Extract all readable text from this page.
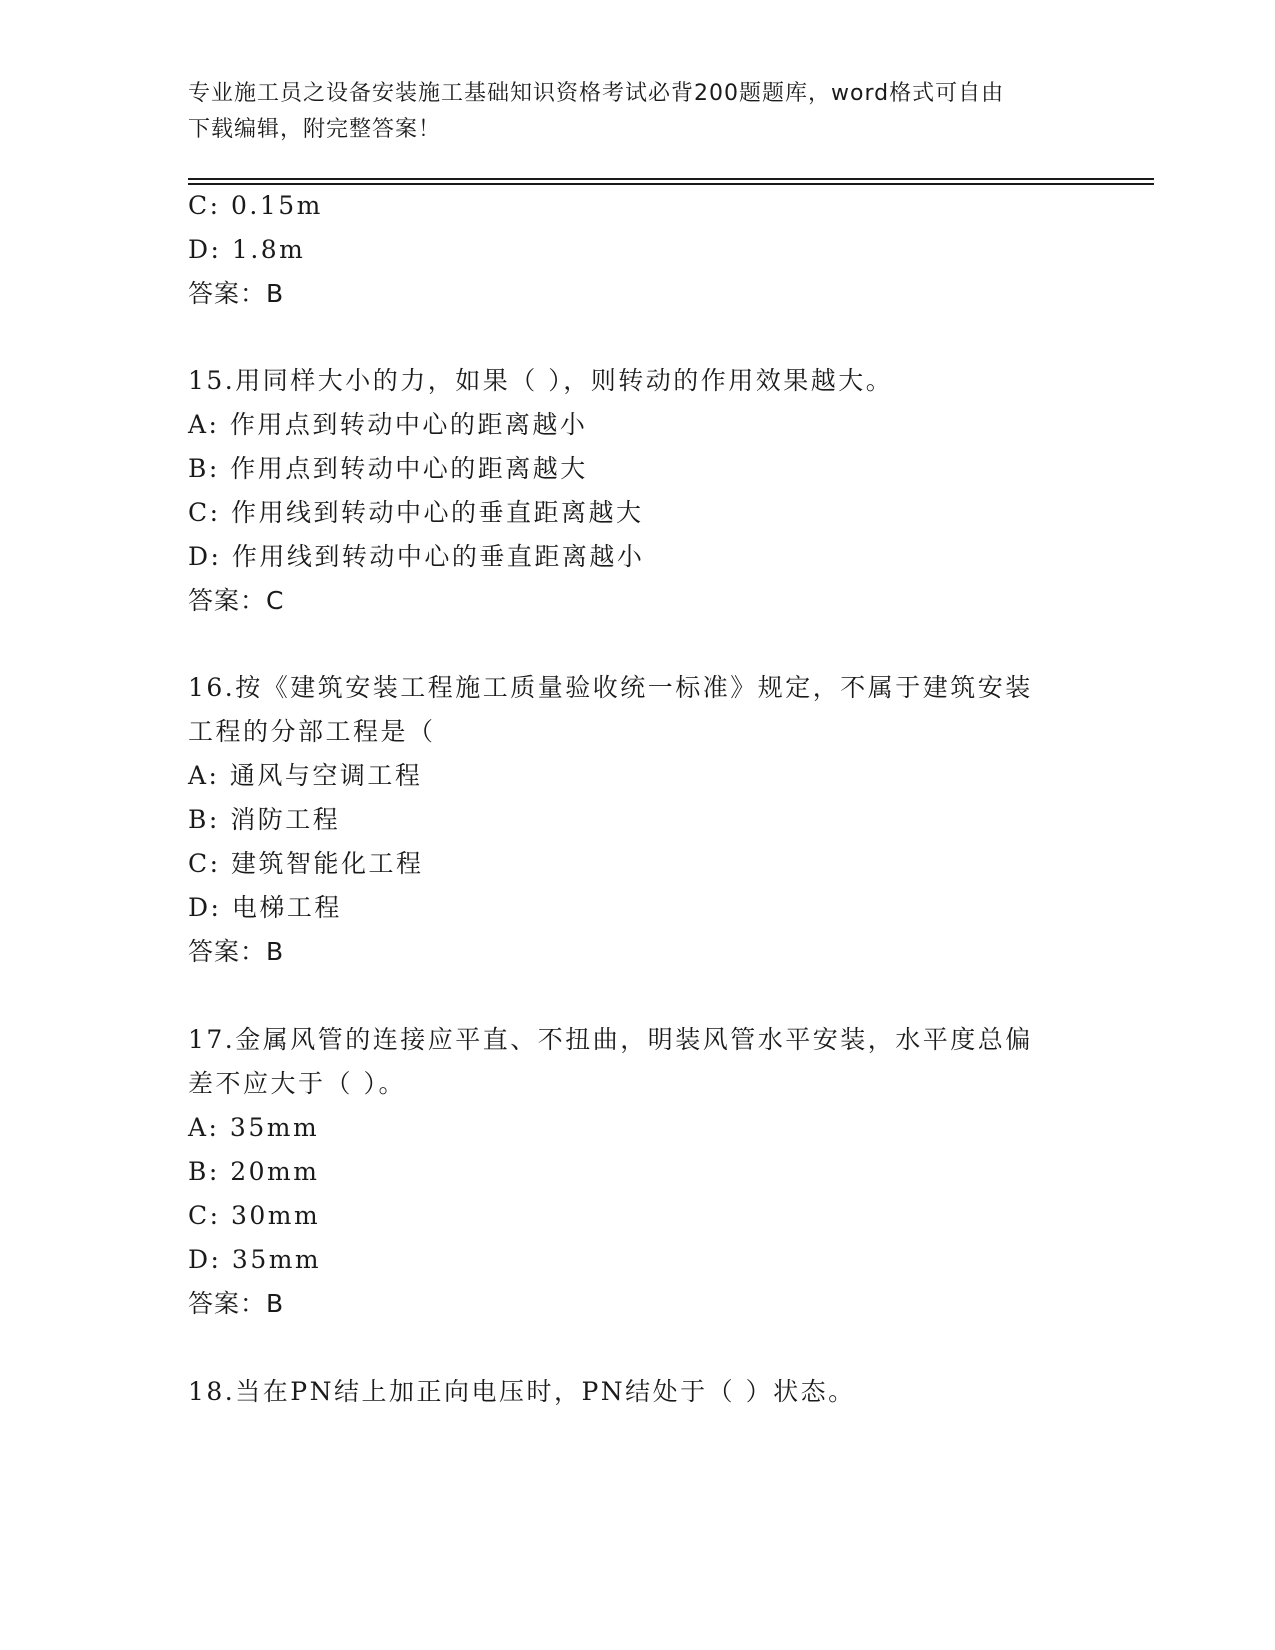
专业施工员之设备安装施工基础知识资格考试必背200题题库，word格式可自由
下载编辑，附完整答案！
C: 0.15m
D: 1.8m
答案：B
15.用同样大小的力，如果（ ），则转动的作用效果越大。
A: 作用点到转动中心的距离越小
B: 作用点到转动中心的距离越大
C: 作用线到转动中心的垂直距离越大
D: 作用线到转动中心的垂直距离越小
答案：C
16.按《建筑安装工程施工质量验收统一标准》规定，不属于建筑安装
工程的分部工程是（
A: 通风与空调工程
B: 消防工程
C: 建筑智能化工程
D: 电梯工程
答案：B
17.金属风管的连接应平直、不扭曲，明装风管水平安装，水平度总偏
差不应大于（ ）。
A: 35mm
B: 20mm
C: 30mm
D: 35mm
答案：B
18.当在PN结上加正向电压时，PN结处于（ ）状态。
